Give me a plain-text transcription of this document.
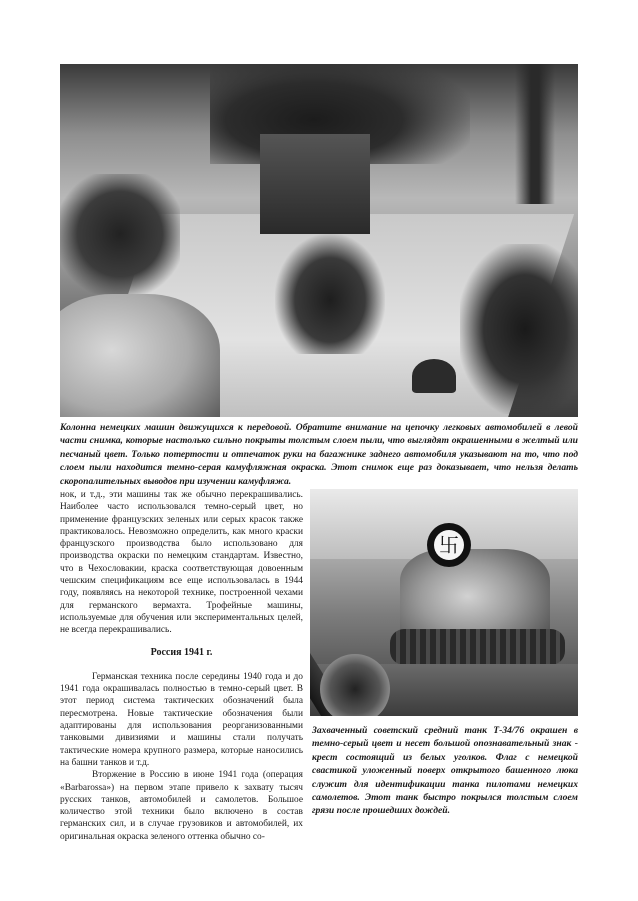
Колонна немецких машин движущихся к передовой. Обратите внимание на цепочку легковых автомобилей в левой части снимка, которые настолько сильно покрыты толстым слоем пыли, что выглядят окрашенными в желтый или песчаный цвет. Только потертости и отпечаток руки на багажнике заднего автомобиля указывают на то, что под слоем пыли находится темно-серая камуфляжная окраска. Этот снимок еще раз доказывает, что нельзя делать скоропалительных выводов при изучении камуфляжа.

нок, и т.д., эти машины так же обычно перекрашивались. Наиболее часто использовался темно-серый цвет, но применение французских зеленых или серых красок также практиковалось. Невозможно определить, как много краски французского производства было использовано для производства окраски по немецким стандартам. Известно, что в Чехословакии, краска соответствующая довоенным чешским спецификациям все еще использовалась в 1944 году, появляясь на некоторой технике, построенной чехами для германского вермахта. Трофейные машины, используемые для обучения или экспериментальных целей, не всегда перекрашивались.

Россия 1941 г.

Германская техника после середины 1940 года и до 1941 года окрашивалась полностью в темно-серый цвет. В этот период система тактических обозначений была пересмотрена. Новые тактические обозначения были адаптированы для использования реорганизованными танковыми дивизиями и машины стали получать тактические номера крупного размера, которые наносились на башни танков и т.д.

Вторжение в Россию в июне 1941 года (операция «Barbarossa») на первом этапе привело к захвату тысяч русских танков, автомобилей и самолетов. Большое количество этой техники было включено в состав германских сил, и в случае грузовиков и автомобилей, их оригинальная окраска зеленого оттенка обычно со-

卐

Захваченный советский средний танк Т-34/76 окрашен в темно-серый цвет и несет большой опознавательный знак - крест состоящий из белых уголков. Флаг с немецкой свастикой уложенный поверх открытого башенного люка служит для идентификации танка пилотами немецких самолетов. Этот танк быстро покрылся толстым слоем грязи после прошедших дождей.
